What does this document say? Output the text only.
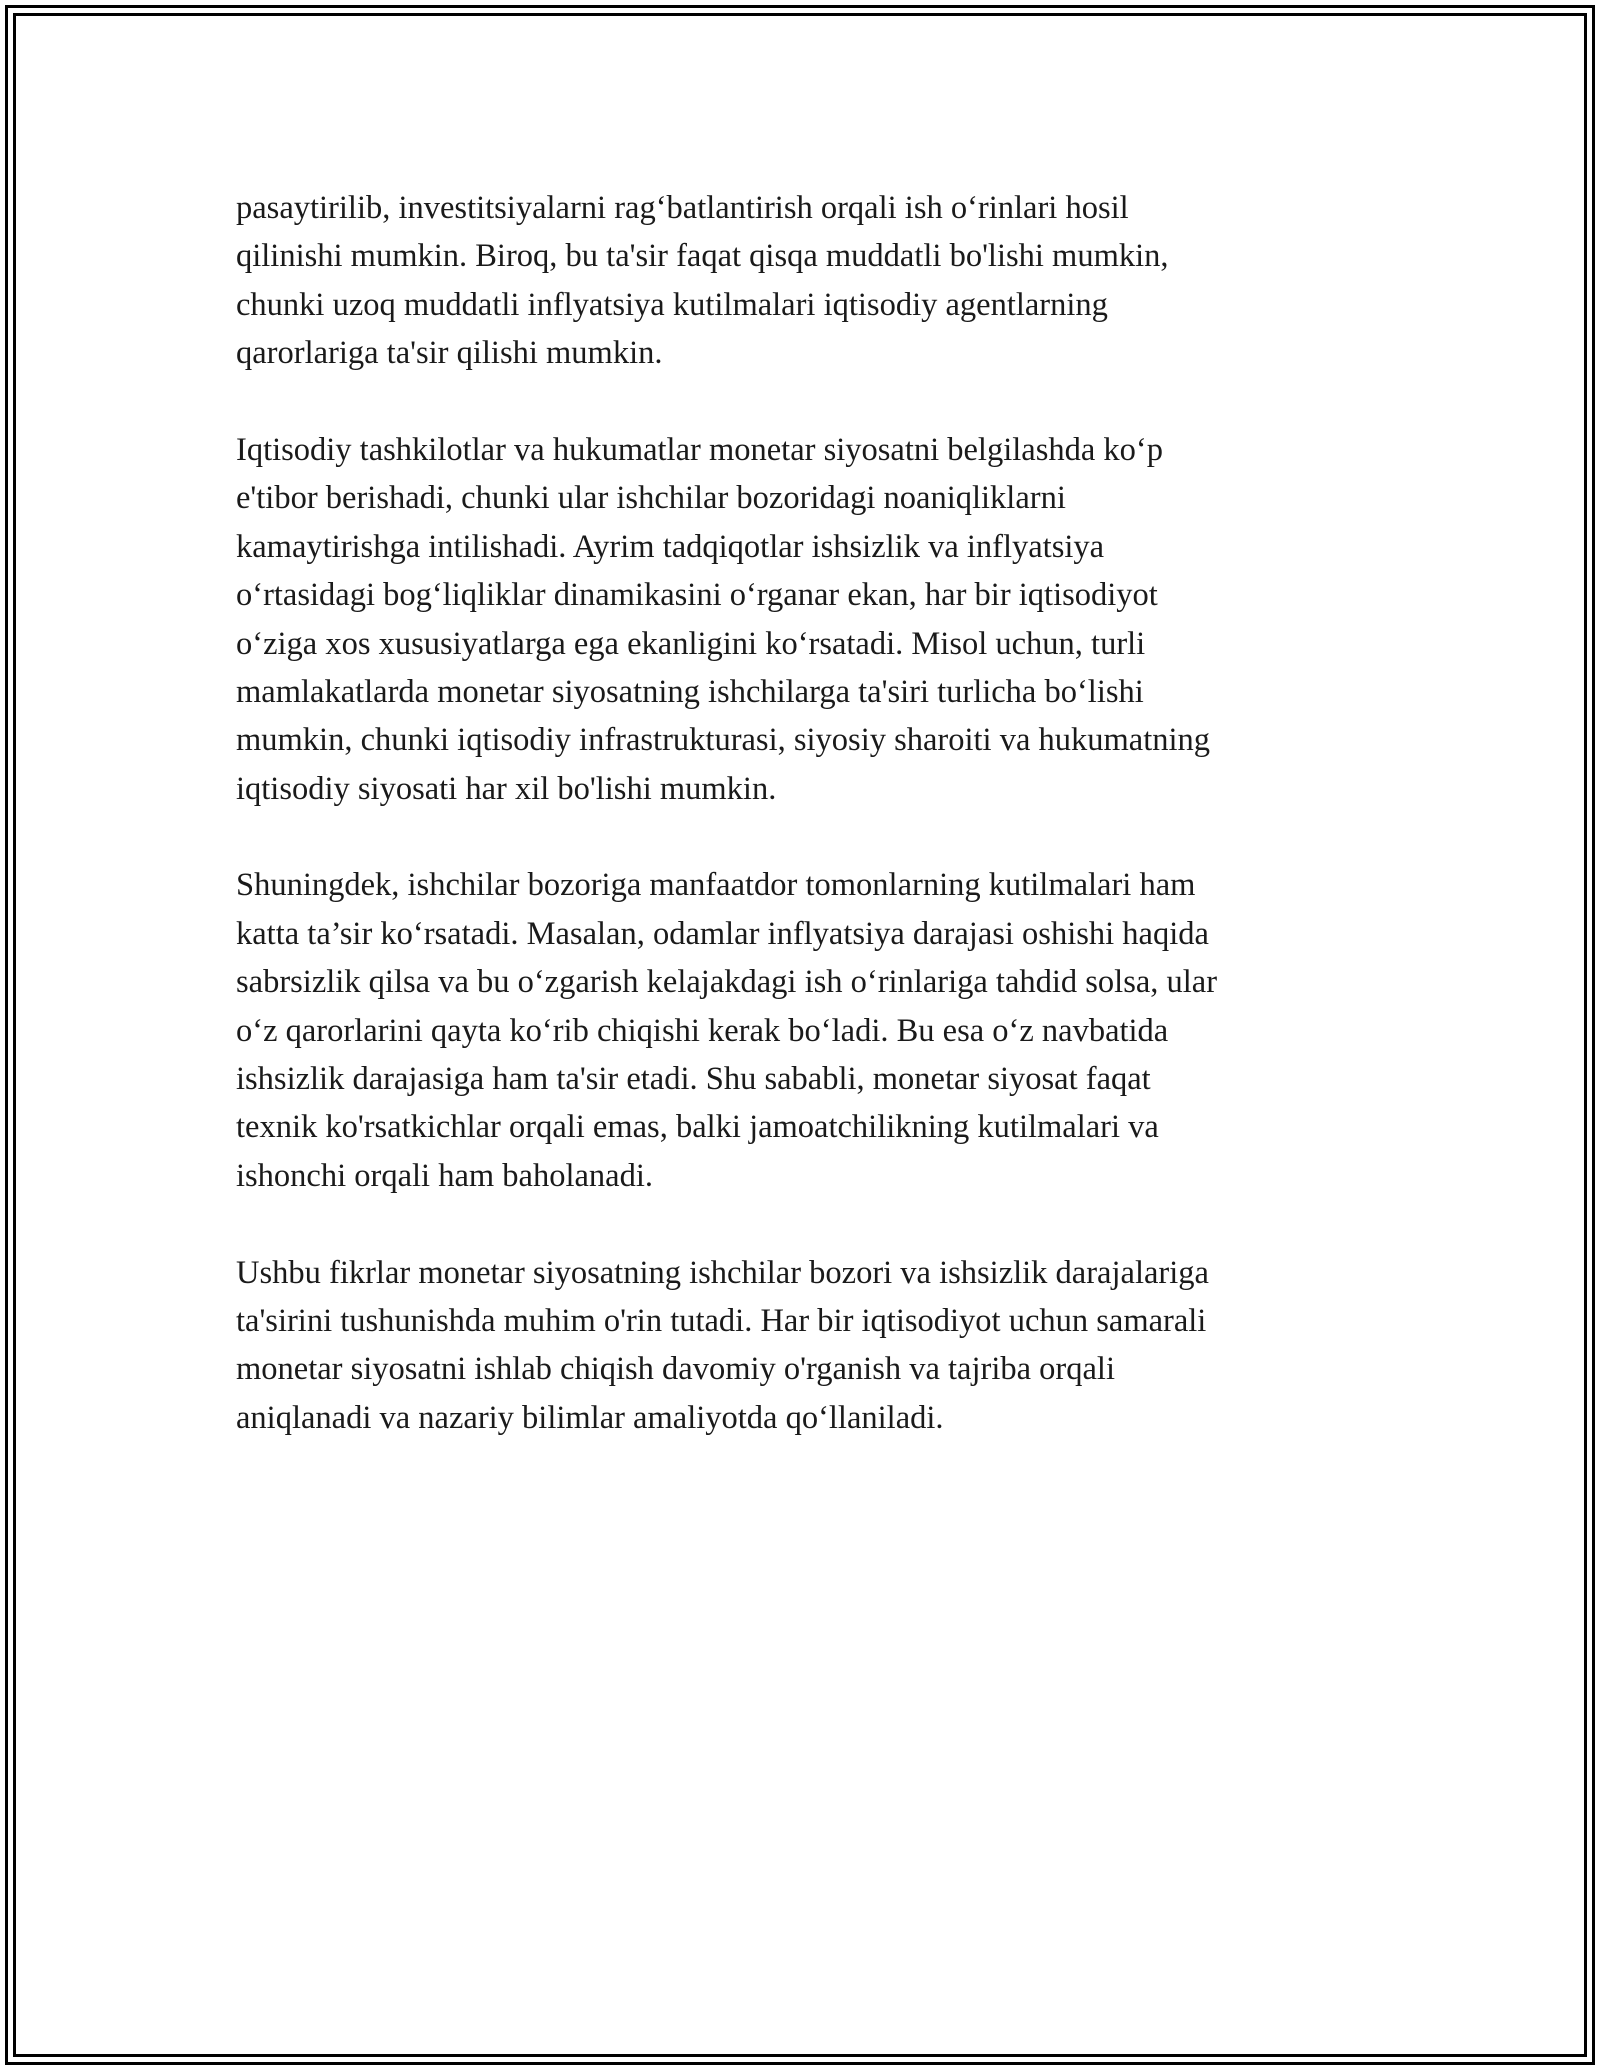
pasaytirilib, investitsiyalarni rag‘batlantirish orqali ish o‘rinlari hosil
qilinishi mumkin. Biroq, bu ta'sir faqat qisqa muddatli bo'lishi mumkin,
chunki uzoq muddatli inflyatsiya kutilmalari iqtisodiy agentlarning
qarorlariga ta'sir qilishi mumkin.
Iqtisodiy tashkilotlar va hukumatlar monetar siyosatni belgilashda ko‘p
e'tibor berishadi, chunki ular ishchilar bozoridagi noaniqliklarni
kamaytirishga intilishadi. Ayrim tadqiqotlar ishsizlik va inflyatsiya
o‘rtasidagi bog‘liqliklar dinamikasini o‘rganar ekan, har bir iqtisodiyot
o‘ziga xos xususiyatlarga ega ekanligini ko‘rsatadi. Misol uchun, turli
mamlakatlarda monetar siyosatning ishchilarga ta'siri turlicha bo‘lishi
mumkin, chunki iqtisodiy infrastrukturasi, siyosiy sharoiti va hukumatning
iqtisodiy siyosati har xil bo'lishi mumkin.
Shuningdek, ishchilar bozoriga manfaatdor tomonlarning kutilmalari ham
katta ta’sir ko‘rsatadi. Masalan, odamlar inflyatsiya darajasi oshishi haqida
sabrsizlik qilsa va bu o‘zgarish kelajakdagi ish o‘rinlariga tahdid solsa, ular
o‘z qarorlarini qayta ko‘rib chiqishi kerak bo‘ladi. Bu esa o‘z navbatida
ishsizlik darajasiga ham ta'sir etadi. Shu sababli, monetar siyosat faqat
texnik ko'rsatkichlar orqali emas, balki jamoatchilikning kutilmalari va
ishonchi orqali ham baholanadi.
Ushbu fikrlar monetar siyosatning ishchilar bozori va ishsizlik darajalariga
ta'sirini tushunishda muhim o'rin tutadi. Har bir iqtisodiyot uchun samarali
monetar siyosatni ishlab chiqish davomiy o'rganish va tajriba orqali
aniqlanadi va nazariy bilimlar amaliyotda qo‘llaniladi.
